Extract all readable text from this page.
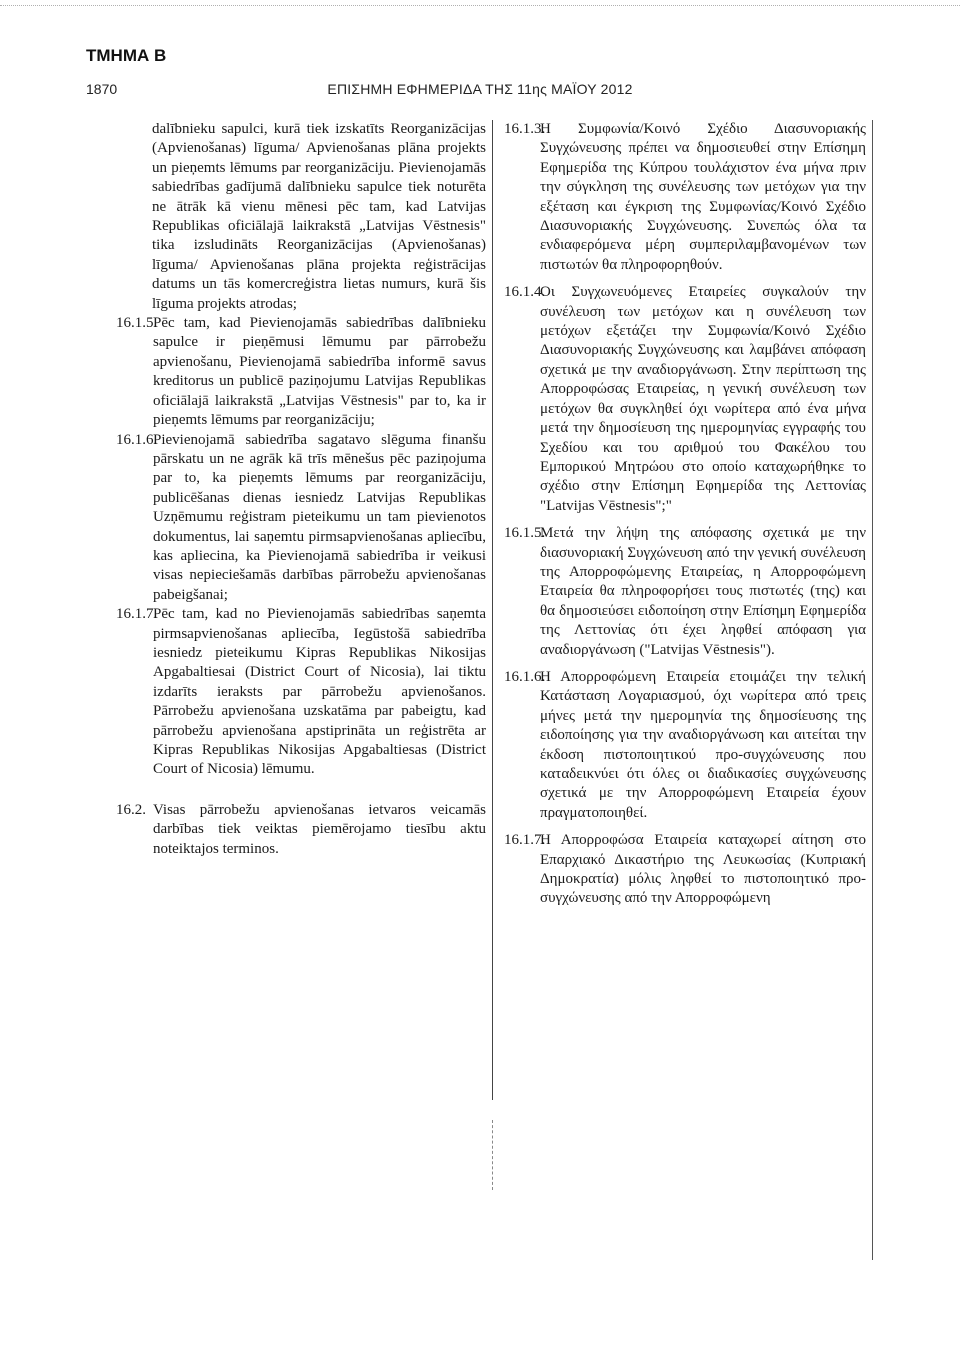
ΤΜΗΜΑ Β
1870	ΕΠΙΣΗΜΗ ΕΦΗΜΕΡΙΔΑ ΤΗΣ 11ης ΜΑΪΟΥ 2012

dalībnieku sapulci, kurā tiek izskatīts Reorganizācijas (Apvienošanas) līguma/ Apvienošanas plāna projekts un pieņemts lēmums par reorganizāciju. Pievienojamās sabiedrības gadījumā dalībnieku sapulce tiek noturēta ne ātrāk kā vienu mēnesi pēc tam, kad Latvijas Republikas oficiālajā laikrakstā „Latvijas Vēstnesis" tika izsludināts Reorganizācijas (Apvienošanas) līguma/ Apvienošanas plāna projekta reģistrācijas datums un tās komercreģistra lietas numurs, kurā šis līguma projekts atrodas;

16.1.5.
Pēc tam, kad Pievienojamās sabiedrības dalībnieku sapulce ir pieņēmusi lēmumu par pārrobežu apvienošanu, Pievienojamā sabiedrība informē savus kreditorus un publicē paziņojumu Latvijas Republikas oficiālajā laikrakstā „Latvijas Vēstnesis" par to, ka ir pieņemts lēmums par reorganizāciju;
16.1.6.
Pievienojamā sabiedrība sagatavo slēguma finanšu pārskatu un ne agrāk kā trīs mēnešus pēc paziņojuma par to, ka pieņemts lēmums par reorganizāciju, publicēšanas dienas iesniedz Latvijas Republikas Uzņēmumu reģistram pieteikumu un tam pievienotos dokumentus, lai saņemtu pirmsapvienošanas apliecību, kas apliecina, ka Pievienojamā sabiedrība ir veikusi visas nepieciešamās darbības pārrobežu apvienošanas pabeigšanai;
16.1.7.
Pēc tam, kad no Pievienojamās sabiedrības saņemta pirmsapvienošanas apliecība, Iegūstošā sabiedrība iesniedz pieteikumu Kipras Republikas Nikosijas Apgabaltiesai (District Court of Nicosia), lai tiktu izdarīts ieraksts par pārrobežu apvienošanos. Pārrobežu apvienošana uzskatāma par pabeigtu, kad pārrobežu apvienošana apstiprināta un reģistrēta ar Kipras Republikas Nikosijas Apgabaltiesas (District Court of Nicosia) lēmumu.
16.2. Visas pārrobežu apvienošanas ietvaros veicamās darbības tiek veiktas piemērojamo tiesību aktu noteiktajos terminos.
16.1.3.
Η Συμφωνία/Κοινό Σχέδιο Διασυνοριακής Συγχώνευσης πρέπει να δημοσιευθεί στην Επίσημη Εφημερίδα της Κύπρου τουλάχιστον ένα μήνα πριν την σύγκληση της συνέλευσης των μετόχων για την εξέταση και έγκριση της Συμφωνίας/Κοινό Σχέδιο Διασυνοριακής Συγχώνευσης. Συνεπώς όλα τα ενδιαφερόμενα μέρη συμπεριλαμβανομένων των πιστωτών θα πληροφορηθούν.
16.1.4.
Οι Συγχωνευόμενες Εταιρείες συγκαλούν την συνέλευση των μετόχων και η συνέλευση των μετόχων εξετάζει την Συμφωνία/Κοινό Σχέδιο Διασυνοριακής Συγχώνευσης και λαμβάνει απόφαση σχετικά με την αναδιοργάνωση. Στην περίπτωση της Απορροφώσας Εταιρείας, η γενική συνέλευση των μετόχων θα συγκληθεί όχι νωρίτερα από ένα μήνα μετά την δημοσίευση της ημερομηνίας εγγραφής του Σχεδίου και του αριθμού του Φακέλου του Εμπορικού Μητρώου στο οποίο καταχωρήθηκε το σχέδιο στην Επίσημη Εφημερίδα της Λεττονίας "Latvijas Vēstnesis";"
16.1.5.
Μετά την λήψη της απόφασης σχετικά με την διασυνοριακή Συγχώνευση από την γενική συνέλευση της Απορροφώμενης Εταιρείας, η Απορροφώμενη Εταιρεία θα πληροφορήσει τους πιστωτές (της) και θα δημοσιεύσει ειδοποίηση στην Επίσημη Εφημερίδα της Λεττονίας ότι έχει ληφθεί απόφαση για αναδιοργάνωση ("Latvijas Vēstnesis").
16.1.6.
Η Απορροφώμενη Εταιρεία ετοιμάζει την τελική Κατάσταση Λογαριασμού, όχι νωρίτερα από τρεις μήνες μετά την ημερομηνία της δημοσίευσης της ειδοποίησης για την αναδιοργάνωση και αιτείται την έκδοση πιστοποιητικού προ-συγχώνευσης που καταδεικνύει ότι όλες οι διαδικασίες συγχώνευσης σχετικά με την Απορροφώμενη Εταιρεία έχουν πραγματοποιηθεί.
16.1.7.
Η Απορροφώσα Εταιρεία καταχωρεί αίτηση στο Επαρχιακό Δικαστήριο της Λευκωσίας (Κυπριακή Δημοκρατία) μόλις ληφθεί το πιστοποιητικό προ-συγχώνευσης από την Απορροφώμενη
